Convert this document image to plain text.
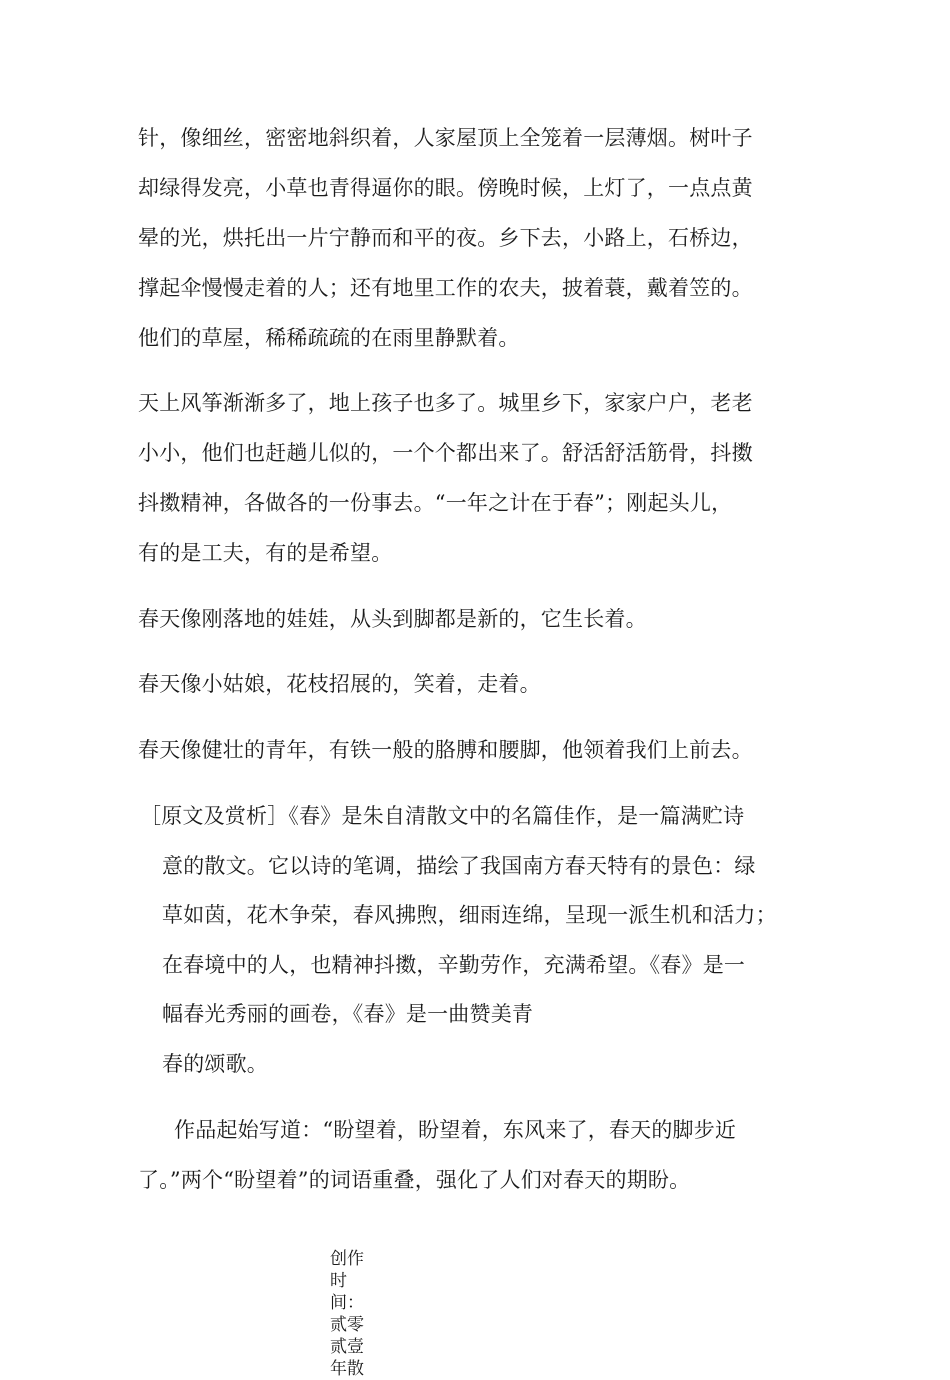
针，像细丝，密密地斜织着，人家屋顶上全笼着一层薄烟。树叶子
却绿得发亮，小草也青得逼你的眼。傍晚时候，上灯了，一点点黄
晕的光，烘托出一片宁静而和平的夜。乡下去，小路上，石桥边，
撑起伞慢慢走着的人；还有地里工作的农夫，披着蓑，戴着笠的。
他们的草屋，稀稀疏疏的在雨里静默着。
天上风筝渐渐多了，地上孩子也多了。城里乡下，家家户户，老老
小小，他们也赶趟儿似的，一个个都出来了。舒活舒活筋骨，抖擞
抖擞精神，各做各的一份事去。“一年之计在于春”；刚起头儿，
有的是工夫，有的是希望。
春天像刚落地的娃娃，从头到脚都是新的，它生长着。
春天像小姑娘，花枝招展的，笑着，走着。
春天像健壮的青年，有铁一般的胳膊和腰脚，他领着我们上前去。
［原文及赏析］《春》是朱自清散文中的名篇佳作，是一篇满贮诗
意的散文。它以诗的笔调，描绘了我国南方春天特有的景色：绿
草如茵，花木争荣，春风拂煦，细雨连绵，呈现一派生机和活力；
在春境中的人，也精神抖擞，辛勤劳作，充满希望。《春》是一
幅春光秀丽的画卷，《春》是一曲赞美青
春的颂歌。
作品起始写道：“盼望着，盼望着，东风来了，春天的脚步近
了。”两个“盼望着”的词语重叠，强化了人们对春天的期盼。
创作时间：贰零贰壹年散
